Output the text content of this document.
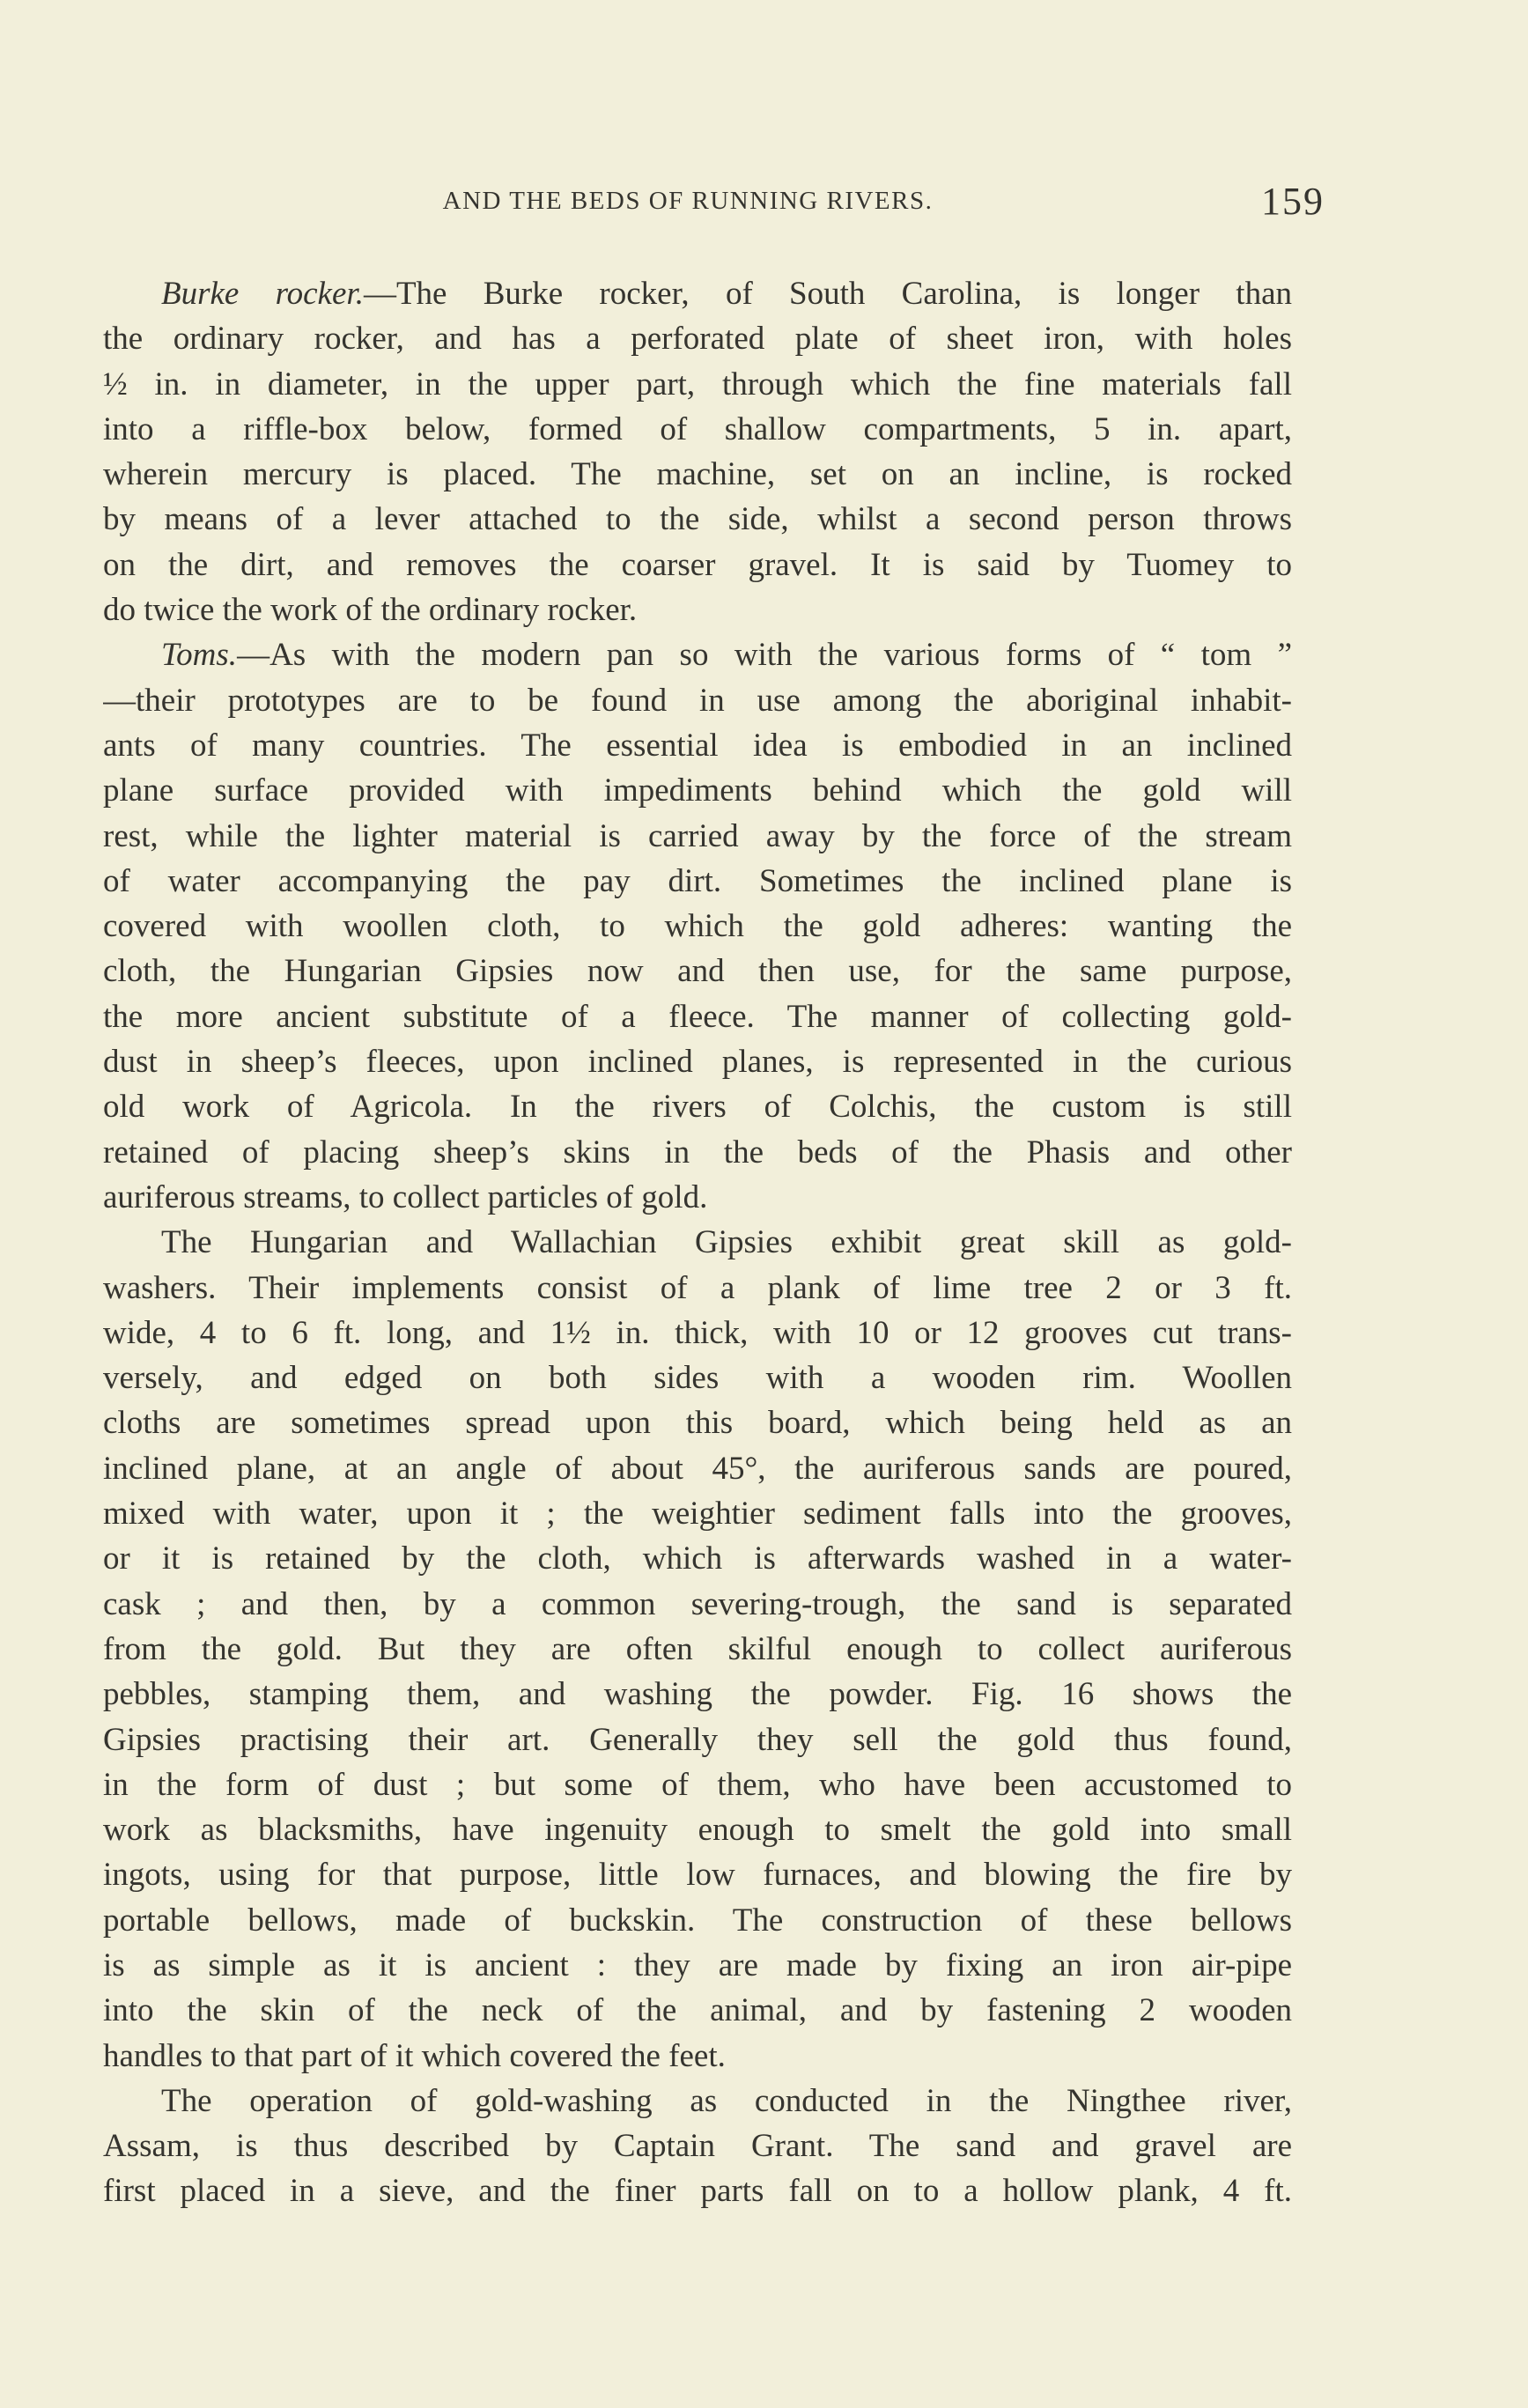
AND THE BEDS OF RUNNING RIVERS.	159
Burke rocker.—The Burke rocker, of South Carolina, is longer than
the ordinary rocker, and has a perforated plate of sheet iron, with holes
½ in. in diameter, in the upper part, through which the fine materials fall
into a riffle-box below, formed of shallow compartments, 5 in. apart,
wherein mercury is placed. The machine, set on an incline, is rocked
by means of a lever attached to the side, whilst a second person throws
on the dirt, and removes the coarser gravel. It is said by Tuomey to
do twice the work of the ordinary rocker.
Toms.—As with the modern pan so with the various forms of “ tom ”
—their prototypes are to be found in use among the aboriginal inhabit-
ants of many countries. The essential idea is embodied in an inclined
plane surface provided with impediments behind which the gold will
rest, while the lighter material is carried away by the force of the stream
of water accompanying the pay dirt. Sometimes the inclined plane is
covered with woollen cloth, to which the gold adheres: wanting the
cloth, the Hungarian Gipsies now and then use, for the same purpose,
the more ancient substitute of a fleece. The manner of collecting gold-
dust in sheep’s fleeces, upon inclined planes, is represented in the curious
old work of Agricola. In the rivers of Colchis, the custom is still
retained of placing sheep’s skins in the beds of the Phasis and other
auriferous streams, to collect particles of gold.
The Hungarian and Wallachian Gipsies exhibit great skill as gold-
washers. Their implements consist of a plank of lime tree 2 or 3 ft.
wide, 4 to 6 ft. long, and 1½ in. thick, with 10 or 12 grooves cut trans-
versely, and edged on both sides with a wooden rim. Woollen
cloths are sometimes spread upon this board, which being held as an
inclined plane, at an angle of about 45°, the auriferous sands are poured,
mixed with water, upon it ; the weightier sediment falls into the grooves,
or it is retained by the cloth, which is afterwards washed in a water-
cask ; and then, by a common severing-trough, the sand is separated
from the gold. But they are often skilful enough to collect auriferous
pebbles, stamping them, and washing the powder. Fig. 16 shows the
Gipsies practising their art. Generally they sell the gold thus found,
in the form of dust ; but some of them, who have been accustomed to
work as blacksmiths, have ingenuity enough to smelt the gold into small
ingots, using for that purpose, little low furnaces, and blowing the fire by
portable bellows, made of buckskin. The construction of these bellows
is as simple as it is ancient : they are made by fixing an iron air-pipe
into the skin of the neck of the animal, and by fastening 2 wooden
handles to that part of it which covered the feet.
The operation of gold-washing as conducted in the Ningthee river,
Assam, is thus described by Captain Grant. The sand and gravel are
first placed in a sieve, and the finer parts fall on to a hollow plank, 4 ft.
